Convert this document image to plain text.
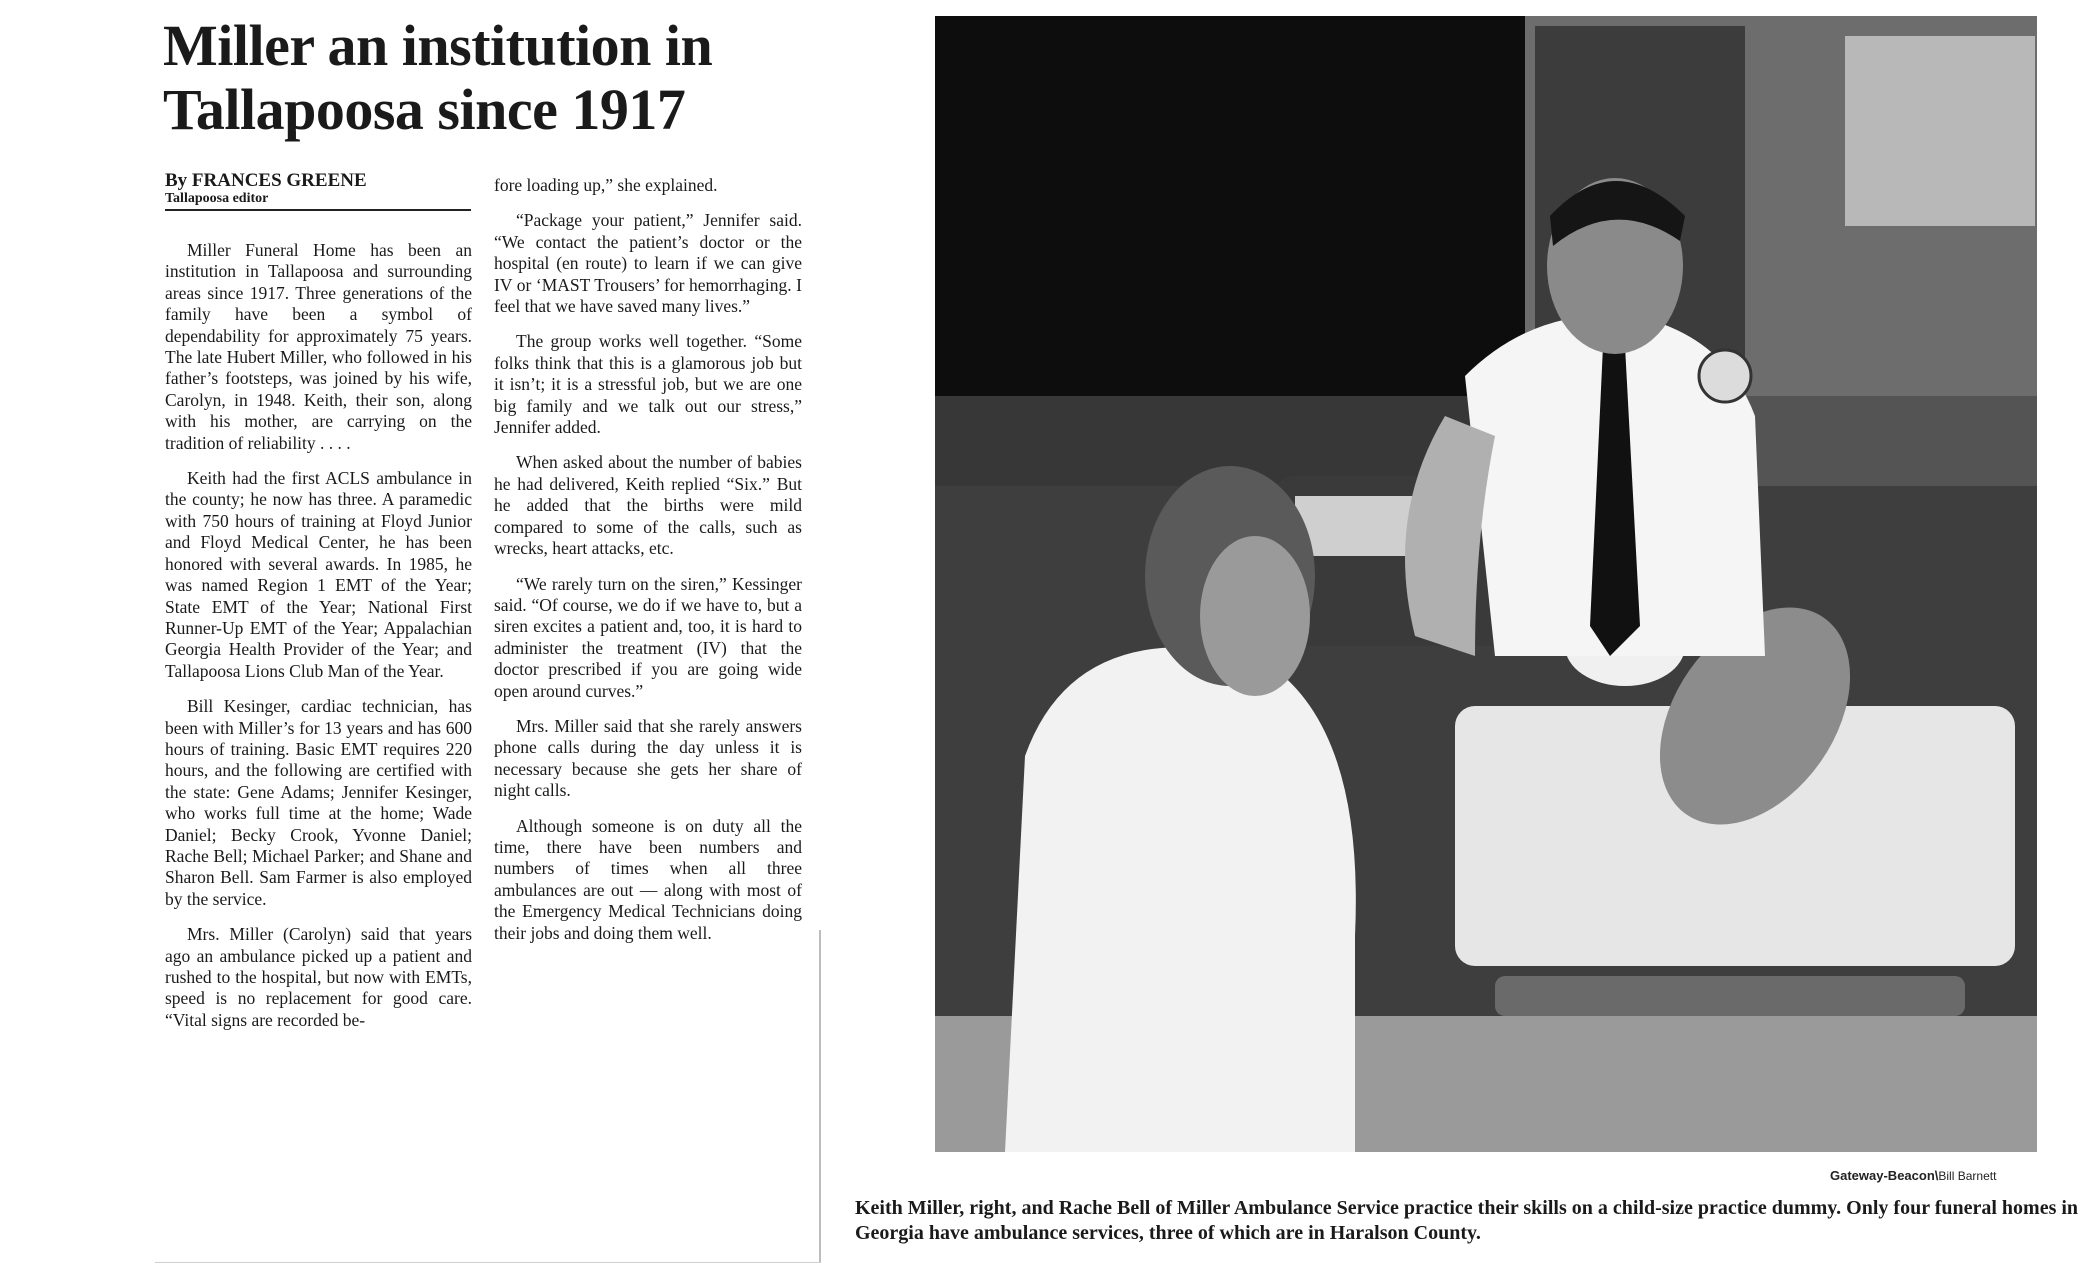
Miller an institution in Tallapoosa since 1917
By FRANCES GREENE
Tallapoosa editor

Miller Funeral Home has been an institution in Tallapoosa and surrounding areas since 1917. Three generations of the family have been a symbol of dependability for approximately 75 years. The late Hubert Miller, who followed in his father’s footsteps, was joined by his wife, Carolyn, in 1948. Keith, their son, along with his mother, are carrying on the tradition of reliability . . . .

Keith had the first ACLS ambulance in the county; he now has three. A paramedic with 750 hours of training at Floyd Junior and Floyd Medical Center, he has been honored with several awards. In 1985, he was named Region 1 EMT of the Year; State EMT of the Year; National First Runner-Up EMT of the Year; Appalachian Georgia Health Provider of the Year; and Tallapoosa Lions Club Man of the Year.

Bill Kesinger, cardiac technician, has been with Miller’s for 13 years and has 600 hours of training. Basic EMT requires 220 hours, and the following are certified with the state: Gene Adams; Jennifer Kesinger, who works full time at the home; Wade Daniel; Becky Crook, Yvonne Daniel; Rache Bell; Michael Parker; and Shane and Sharon Bell. Sam Farmer is also employed by the service.

Mrs. Miller (Carolyn) said that years ago an ambulance picked up a patient and rushed to the hospital, but now with EMTs, speed is no replacement for good care. “Vital signs are recorded be-

fore loading up,” she explained.

“Package your patient,” Jennifer said. “We contact the patient’s doctor or the hospital (en route) to learn if we can give IV or ‘MAST Trousers’ for hemorrhaging. I feel that we have saved many lives.”

The group works well together. “Some folks think that this is a glamorous job but it isn’t; it is a stressful job, but we are one big family and we talk out our stress,” Jennifer added.

When asked about the number of babies he had delivered, Keith replied “Six.” But he added that the births were mild compared to some of the calls, such as wrecks, heart attacks, etc.

“We rarely turn on the siren,” Kessinger said. “Of course, we do if we have to, but a siren excites a patient and, too, it is hard to administer the treatment (IV) that the doctor prescribed if you are going wide open around curves.”

Mrs. Miller said that she rarely answers phone calls during the day unless it is necessary because she gets her share of night calls.

Although someone is on duty all the time, there have been numbers and numbers of times when all three ambulances are out — along with most of the Emergency Medical Technicians doing their jobs and doing them well.

Gateway-Beacon\Bill Barnett
Keith Miller, right, and Rache Bell of Miller Ambulance Service practice their skills on a child-size practice dummy. Only four funeral homes in Georgia have ambulance services, three of which are in Haralson County.
